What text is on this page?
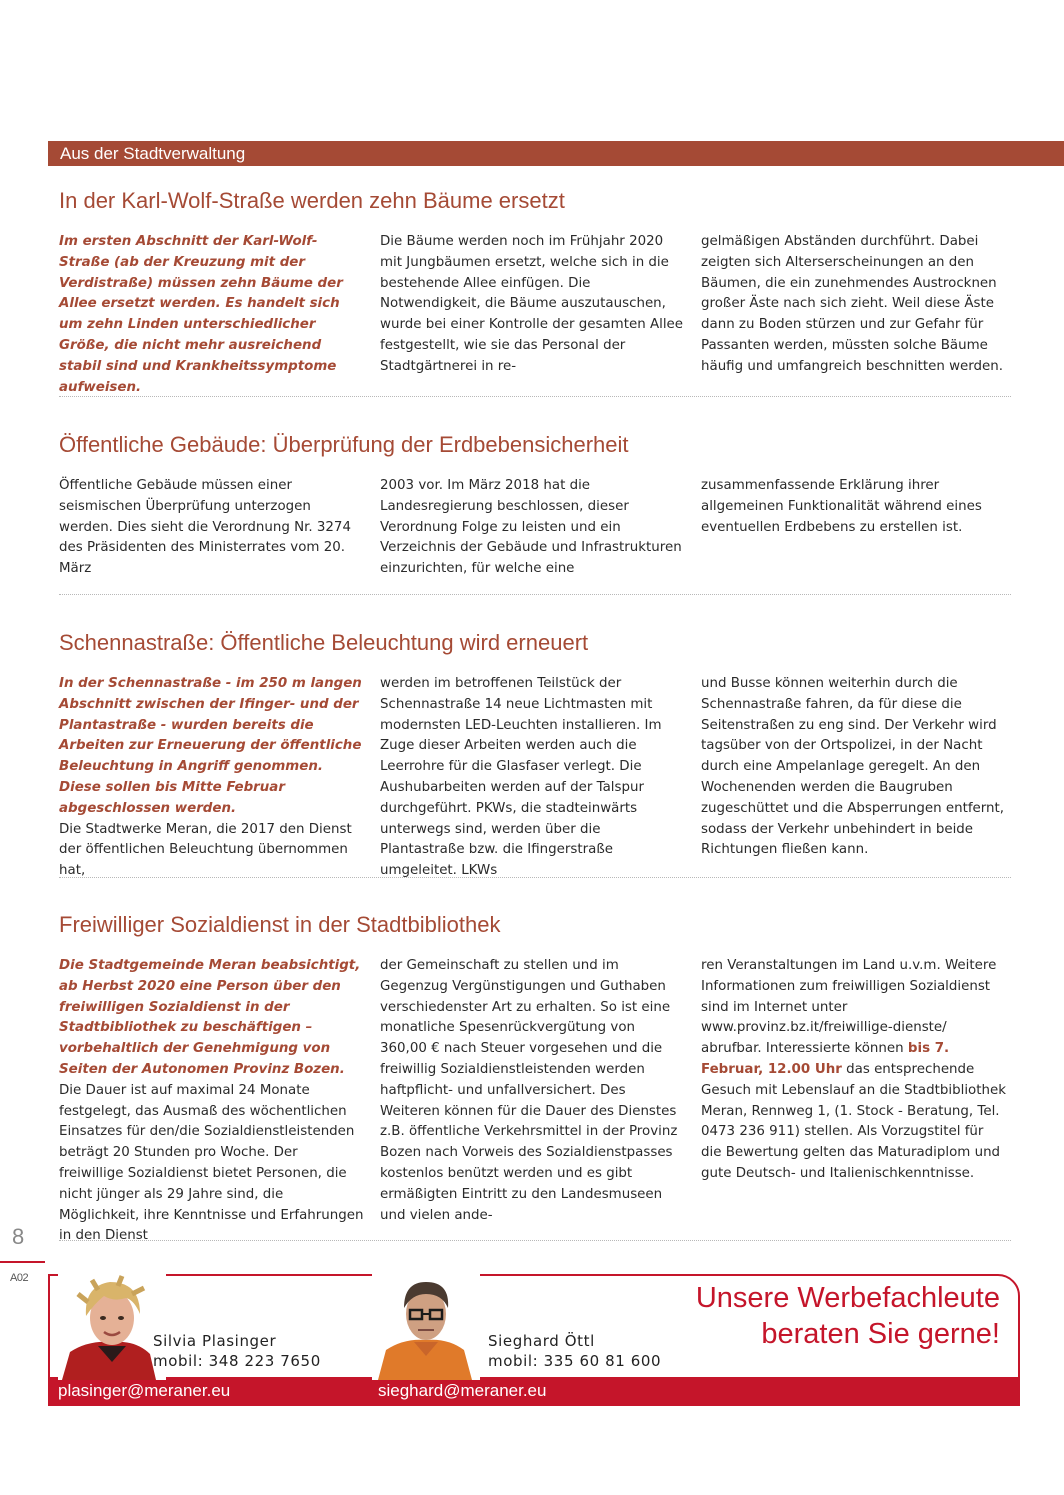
Aus der Stadtverwaltung
In der Karl-Wolf-Straße werden zehn Bäume ersetzt

Im ersten Abschnitt der Karl-Wolf-Straße (ab der Kreuzung mit der Verdistraße) müssen zehn Bäume der Allee ersetzt werden. Es handelt sich um zehn Linden unterschiedlicher Größe, die nicht mehr ausreichend stabil sind und Krankheitssymptome aufweisen.

Die Bäume werden noch im Frühjahr 2020 mit Jungbäumen ersetzt, welche sich in die bestehende Allee einfügen. Die Notwendigkeit, die Bäume auszutauschen, wurde bei einer Kontrolle der gesamten Allee festgestellt, wie sie das Personal der Stadtgärtnerei in re-

gelmäßigen Abständen durchführt. Dabei zeigten sich Alterserscheinungen an den Bäumen, die ein zunehmendes Austrocknen großer Äste nach sich zieht. Weil diese Äste dann zu Boden stürzen und zur Gefahr für Passanten werden, müssten solche Bäume häufig und umfangreich beschnitten werden.

Öffentliche Gebäude: Überprüfung der Erdbebensicherheit

Öffentliche Gebäude müssen einer seismischen Überprüfung unterzogen werden. Dies sieht die Verordnung Nr. 3274 des Präsidenten des Ministerrates vom 20. März

2003 vor. Im März 2018 hat die Landesregierung beschlossen, dieser Verordnung Folge zu leisten und ein Verzeichnis der Gebäude und Infrastrukturen einzurichten, für welche eine

zusammenfassende Erklärung ihrer allgemeinen Funktionalität während eines eventuellen Erdbebens zu erstellen ist.

Schennastraße: Öffentliche Beleuchtung wird erneuert

In der Schennastraße - im 250 m langen Abschnitt zwischen der Ifinger- und der Plantastraße - wurden bereits die Arbeiten zur Erneuerung der öffentliche Beleuchtung in Angriff genommen. Diese sollen bis Mitte Februar abgeschlossen werden.
Die Stadtwerke Meran, die 2017 den Dienst der öffentlichen Beleuchtung übernommen hat,

werden im betroffenen Teilstück der Schennastraße 14 neue Lichtmasten mit modernsten LED-Leuchten installieren. Im Zuge dieser Arbeiten werden auch die Leerrohre für die Glasfaser verlegt. Die Aushubarbeiten werden auf der Talspur durchgeführt. PKWs, die stadteinwärts unterwegs sind, werden über die Plantastraße bzw. die Ifingerstraße umgeleitet. LKWs

und Busse können weiterhin durch die Schennastraße fahren, da für diese die Seitenstraßen zu eng sind. Der Verkehr wird tagsüber von der Ortspolizei, in der Nacht durch eine Ampelanlage geregelt. An den Wochenenden werden die Baugruben zugeschüttet und die Absperrungen entfernt, sodass der Verkehr unbehindert in beide Richtungen fließen kann.

Freiwilliger Sozialdienst in der Stadtbibliothek

Die Stadtgemeinde Meran beabsichtigt, ab Herbst 2020 eine Person über den freiwilligen Sozialdienst in der Stadtbibliothek zu beschäftigen – vorbehaltlich der Genehmigung von Seiten der Autonomen Provinz Bozen.
Die Dauer ist auf maximal 24 Monate festgelegt, das Ausmaß des wöchentlichen Einsatzes für den/die Sozialdienstleistenden beträgt 20 Stunden pro Woche. Der freiwillige Sozialdienst bietet Personen, die nicht jünger als 29 Jahre sind, die Möglichkeit, ihre Kenntnisse und Erfahrungen in den Dienst

der Gemeinschaft zu stellen und im Gegenzug Vergünstigungen und Guthaben verschiedenster Art zu erhalten. So ist eine monatliche Spesenrückvergütung von 360,00 € nach Steuer vorgesehen und die freiwillig Sozialdienstleistenden werden haftpflicht- und unfallversichert. Des Weiteren können für die Dauer des Dienstes z.B. öffentliche Verkehrsmittel in der Provinz Bozen nach Vorweis des Sozialdienstpasses kostenlos benützt werden und es gibt ermäßigten Eintritt zu den Landesmuseen und vielen ande-

ren Veranstaltungen im Land u.v.m. Weitere Informationen zum freiwilligen Sozialdienst sind im Internet unter www.provinz.bz.it/freiwillige-dienste/ abrufbar. Interessierte können bis 7. Februar, 12.00 Uhr das entsprechende Gesuch mit Lebenslauf an die Stadtbibliothek Meran, Rennweg 1, (1. Stock - Beratung, Tel. 0473 236 911) stellen. Als Vorzugstitel für die Bewertung gelten das Maturadiplom und gute Deutsch- und Italienischkenntnisse.

8
A02
Silvia Plasinger
mobil: 348 223 7650
plasinger@meraner.eu
Sieghard Öttl
mobil: 335 60 81 600
sieghard@meraner.eu
Unsere Werbefachleute
beraten Sie gerne!
